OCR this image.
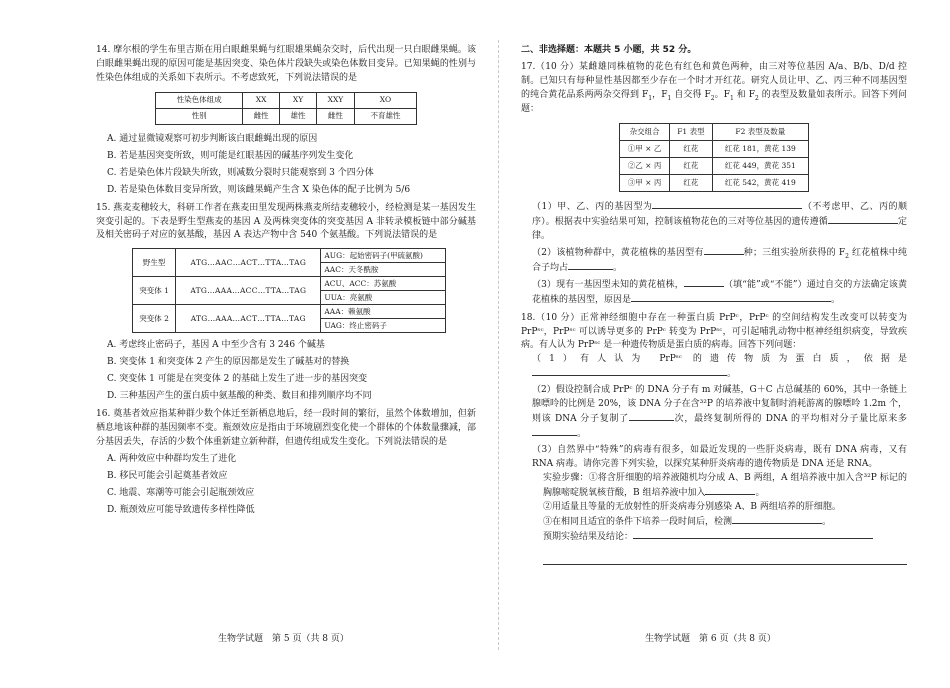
14. 摩尔根的学生布里吉斯在用白眼雌果蝇与红眼雄果蝇杂交时，后代出现一只白眼雌果蝇。该白眼雌果蝇出现的原因可能是基因突变、染色体片段缺失或染色体数目变异。已知果蝇的性别与性染色体组成的关系如下表所示。不考虑致死，下列说法错误的是

性染色体组成	XX	XY	XXY	XO
性别	雌性	雄性	雌性	不育雄性

A. 通过显微镜观察可初步判断该白眼雌蝇出现的原因

B. 若是基因突变所致，则可能是红眼基因的碱基序列发生变化

C. 若是染色体片段缺失所致，则减数分裂时只能观察到 3 个四分体

D. 若是染色体数目变异所致，则该雌果蝇产生含 X 染色体的配子比例为 5/6

15. 燕麦麦穗较大，科研工作者在燕麦田里发现两株燕麦所结麦穗较小，经检测是某一基因发生突变引起的。下表是野生型燕麦的基因 A 及两株突变体的突变基因 A 非转录模板链中部分碱基及相关密码子对应的氨基酸，基因 A 表达产物中含 540 个氨基酸。下列说法错误的是

野生型	ATG…AAC…ACT…TTA…TAG	AUG：起始密码子(甲硫氨酸)
		AAC：天冬酰胺
突变体 1	ATG…AAA…ACC…TTA…TAG	ACU、ACC：苏氨酸
		UUA：亮氨酸
突变体 2	ATG…AAA…ACT…TTA…TAG	AAA：赖氨酸
		UAG：终止密码子

A. 考虑终止密码子，基因 A 中至少含有 3 246 个碱基

B. 突变体 1 和突变体 2 产生的原因都是发生了碱基对的替换

C. 突变体 1 可能是在突变体 2 的基础上发生了进一步的基因突变

D. 三种基因产生的蛋白质中氨基酸的种类、数目和排列顺序均不同

16. 奠基者效应指某种群少数个体迁至新栖息地后，经一段时间的繁衍，虽然个体数增加，但新栖息地该种群的基因频率不变。瓶颈效应是指由于环境剧烈变化使一个群体的个体数量骤减，部分基因丢失，存活的少数个体重新建立新种群，但遗传组成发生变化。下列说法错误的是

A. 两种效应中种群均发生了进化

B. 移民可能会引起奠基者效应

C. 地震、寒潮等可能会引起瓶颈效应

D. 瓶颈效应可能导致遗传多样性降低

生物学试题　第 5 页（共 8 页）

二、非选择题：本题共 5 小题，共 52 分。

17.（10 分）某雌雄同株植物的花色有红色和黄色两种，由三对等位基因 A/a、B/b、D/d 控制。已知只有每种显性基因都至少存在一个时才开红花。研究人员让甲、乙、丙三种不同基因型的纯合黄花品系两两杂交得到 $F_1$，$F_1$ 自交得 $F_2$。$F_1$ 和 $F_2$ 的表型及数量如表所示。回答下列问题：

杂交组合	F1 表型	F2 表型及数量
①甲 × 乙	红花	红花 181，黄花 139
②乙 × 丙	红花	红花 449，黄花 351
③甲 × 丙	红花	红花 542，黄花 419

（1）甲、乙、丙的基因型为	（不考虑甲、乙、丙的顺序）。根据表中实验结果可知，控制该植物花色的三对等位基因的遗传遵循	定律。

（2）该植物种群中，黄花植株的基因型有	种；三组实验所获得的 $F_2$ 红花植株中纯合子均占	。

（3）现有一基因型未知的黄花植株，	（填“能”或“不能”）通过自交的方法确定该黄花植株的基因型，原因是	。

18.（10 分）正常神经细胞中存在一种蛋白质 PrPᶜ，PrPᶜ 的空间结构发生改变可以转变为 PrPˢᶜ，PrPˢᶜ 可以诱导更多的 PrPᶜ 转变为 PrPˢᶜ，可引起哺乳动物中枢神经组织病变，导致疾病。有人认为 PrPˢᶜ 是一种遗传物质是蛋白质的病毒。回答下列问题：

（1）有人认为 PrPˢᶜ 的遗传物质为蛋白质，依据是。

（2）假设控制合成 PrPᶜ 的 DNA 分子有 m 对碱基，G＋C 占总碱基的 60%，其中一条链上腺嘌呤的比例是 20%，该 DNA 分子在含³²P 的培养液中复制时消耗游离的腺嘌呤 1.2m 个，则该 DNA 分子复制了	次，最终复制所得的 DNA 的平均相对分子量比原来多。

（3）自然界中“特殊”的病毒有很多，如最近发现的一些肝炎病毒，既有 DNA 病毒，又有 RNA 病毒。请你完善下列实验，以探究某种肝炎病毒的遗传物质是 DNA 还是 RNA。

实验步骤：①将含肝细胞的培养液随机均分成 A、B 两组，A 组培养液中加入含³²P 标记的胸腺嘧啶脱氧核苷酸，B 组培养液中加入	。

②用适量且等量的无放射性的肝炎病毒分别感染 A、B 两组培养的肝细胞。

③在相同且适宜的条件下培养一段时间后，检测	。

预期实验结果及结论：

生物学试题　第 6 页（共 8 页）
